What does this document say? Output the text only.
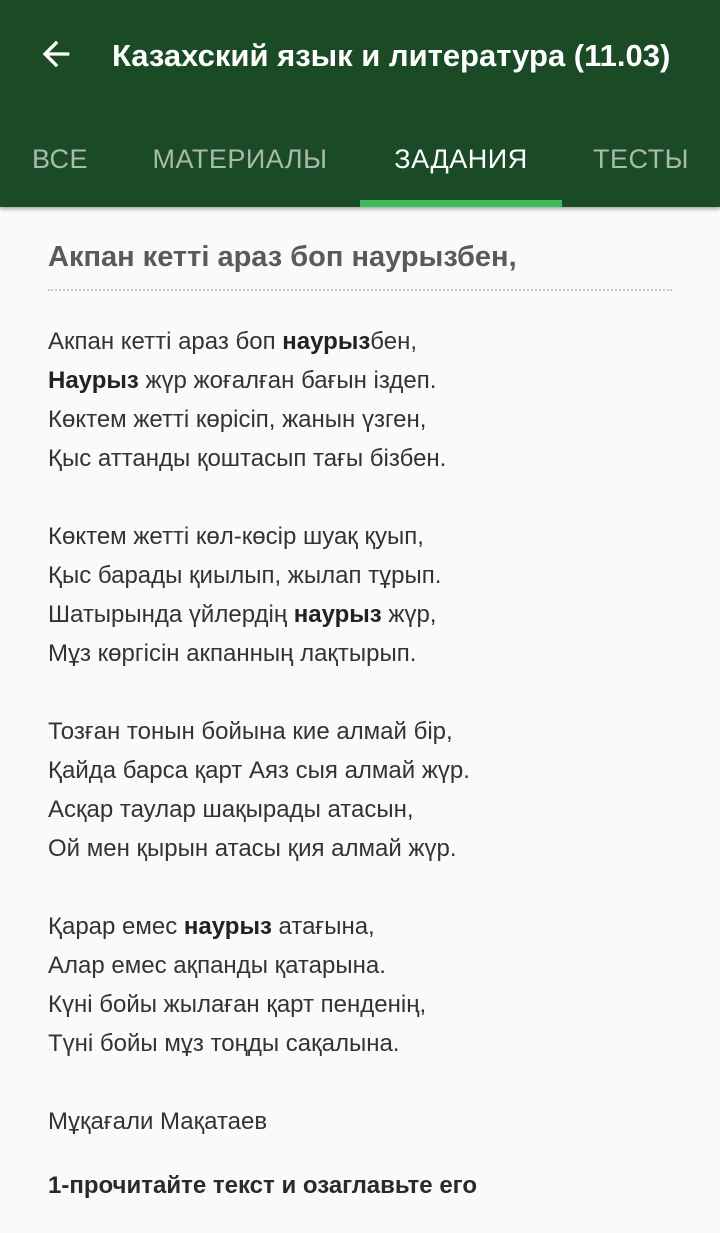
Казахский язык и литература (11.03)
ВСЕ	МАТЕРИАЛЫ	ЗАДАНИЯ	ТЕСТЫ
Акпан кетті араз боп наурызбен,
Акпан кетті араз боп наурызбен,
Наурыз жүр жоғалған бағын іздеп.
Көктем жетті көрісіп, жанын үзген,
Қыс аттанды қоштасып тағы бізбен.
Көктем жетті көл-көсір шуақ қуып,
Қыс барады қиылып, жылап тұрып.
Шатырында үйлердің наурыз жүр,
Мұз көргісін акпанның лақтырып.
Тозған тонын бойына кие алмай бір,
Қайда барса қарт Аяз сыя алмай жүр.
Асқар таулар шақырады атасын,
Ой мен қырын атасы қия алмай жүр.
Қарар емес наурыз атағына,
Алар емес ақпанды қатарына.
Күні бойы жылаған қарт пенденің,
Түні бойы мұз тоңды сақалына.
Мұқағали Мақатаев
1-прочитайте текст и озаглавьте его
